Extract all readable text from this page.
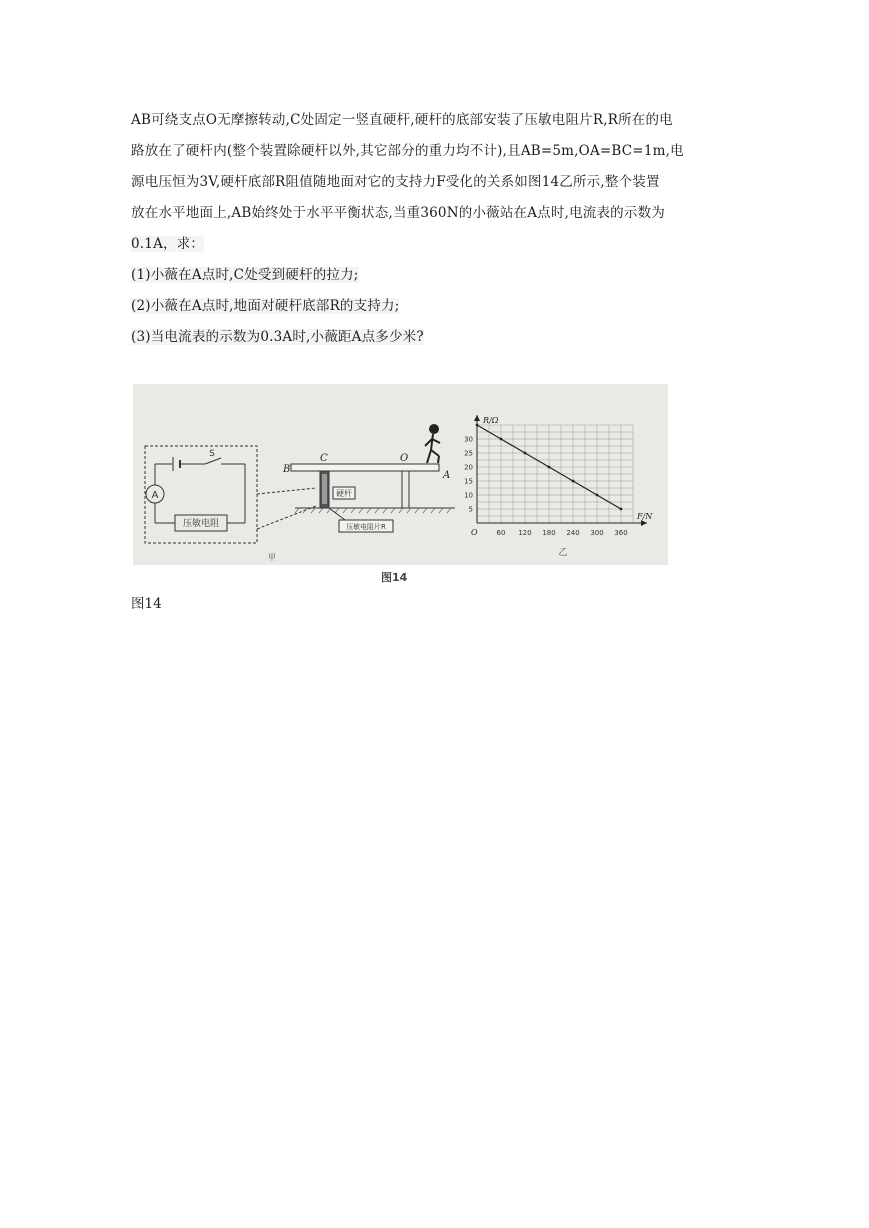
AB可绕支点O无摩擦转动,C处固定一竖直硬杆,硬杆的底部安装了压敏电阻片R,R所在的电
路放在了硬杆内(整个装置除硬杆以外,其它部分的重力均不计),且AB=5m,OA=BC=1m,电
源电压恒为3V,硬杆底部R阻值随地面对它的支持力F受化的关系如图14乙所示,整个装置
放在水平地面上,AB始终处于水平平衡状态,当重360N的小薇站在A点时,电流表的示数为
0.1A，求：
(1)小薇在A点时,C处受到硬杆的拉力;
(2)小薇在A点时,地面对硬杆底部R的支持力;
(3)当电流表的示数为0.3A时,小薇距A点多少米?
A
S
压敏电阻
B
C	O
A
硬杆
压敏电阻片R
甲
60 120 180 240 300 360
5
10
15
20
25
30
R/Ω
F/N
O
乙
图14
图14
